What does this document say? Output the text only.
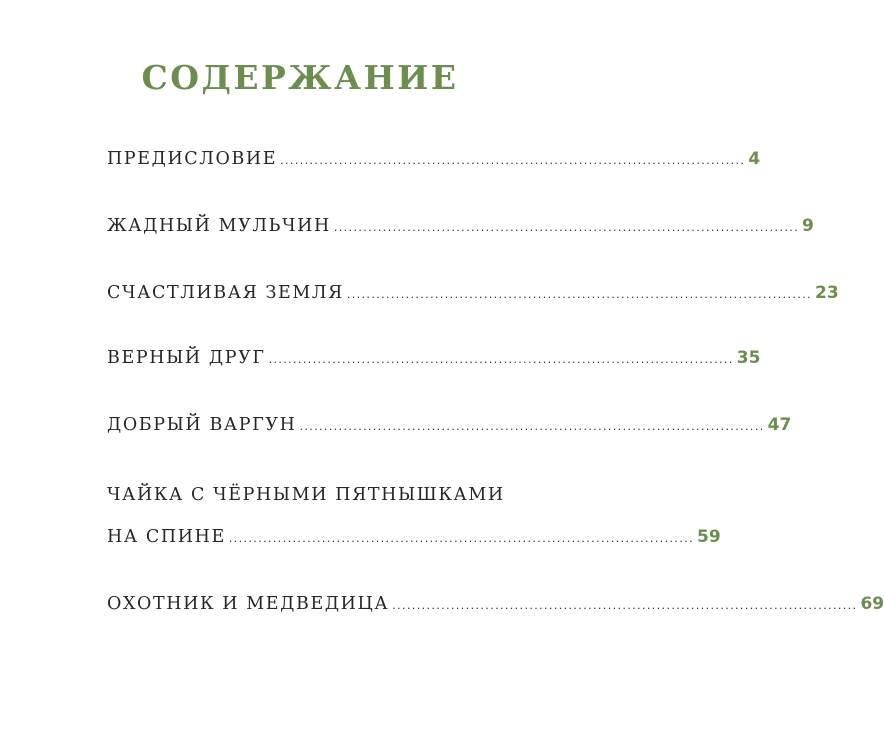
СОДЕРЖАНИЕ
ПРЕДИСЛОВИЕ ............................................................................................... 4
ЖАДНЫЙ МУЛЬЧИН ............................................................................................... 9
СЧАСТЛИВАЯ ЗЕМЛЯ ............................................................................................... 23
ВЕРНЫЙ ДРУГ ............................................................................................... 35
ДОБРЫЙ ВАРГУН ............................................................................................... 47
ЧАЙКА С ЧЁРНЫМИ ПЯТНЫШКАМИ
НА СПИНЕ ............................................................................................... 59
ОХОТНИК И МЕДВЕДИЦА ............................................................................................... 69
